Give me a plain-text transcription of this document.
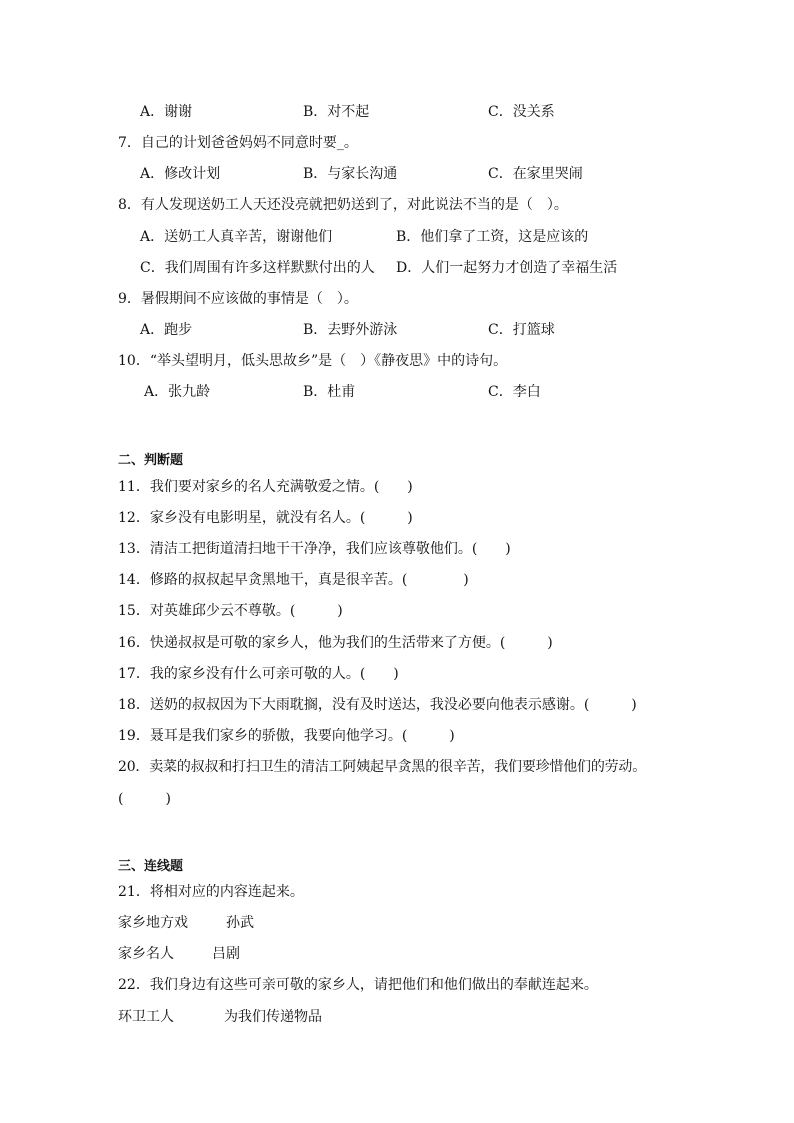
A．谢谢	B．对不起	C．没关系
7．自己的计划爸爸妈妈不同意时要_。
A．修改计划	B．与家长沟通	C．在家里哭闹
8．有人发现送奶工人天还没亮就把奶送到了，对此说法不当的是（　）。
A．送奶工人真辛苦，谢谢他们	B．他们拿了工资，这是应该的
C．我们周围有许多这样默默付出的人 D．人们一起努力才创造了幸福生活
9．暑假期间不应该做的事情是（　）。
A．跑步	B．去野外游泳	C．打篮球
10．“举头望明月，低头思故乡”是（　）《静夜思》中的诗句。
A．张九龄	B．杜甫	C．李白
二、判断题
11．我们要对家乡的名人充满敬爱之情。(　　)
12．家乡没有电影明星，就没有名人。(　　　)
13．清洁工把街道清扫地干干净净，我们应该尊敬他们。(　　)
14．修路的叔叔起早贪黑地干，真是很辛苦。(　　　　)
15．对英雄邱少云不尊敬。(　　　)
16．快递叔叔是可敬的家乡人，他为我们的生活带来了方便。(　　　)
17．我的家乡没有什么可亲可敬的人。(　　)
18．送奶的叔叔因为下大雨耽搁，没有及时送达，我没必要向他表示感谢。(　　　)
19．聂耳是我们家乡的骄傲，我要向他学习。(　　　)
20．卖菜的叔叔和打扫卫生的清洁工阿姨起早贪黑的很辛苦，我们要珍惜他们的劳动。
(　　　)
三、连线题
21．将相对应的内容连起来。
家乡地方戏	孙武
家乡名人	吕剧
22．我们身边有这些可亲可敬的家乡人，请把他们和他们做出的奉献连起来。
环卫工人	为我们传递物品
